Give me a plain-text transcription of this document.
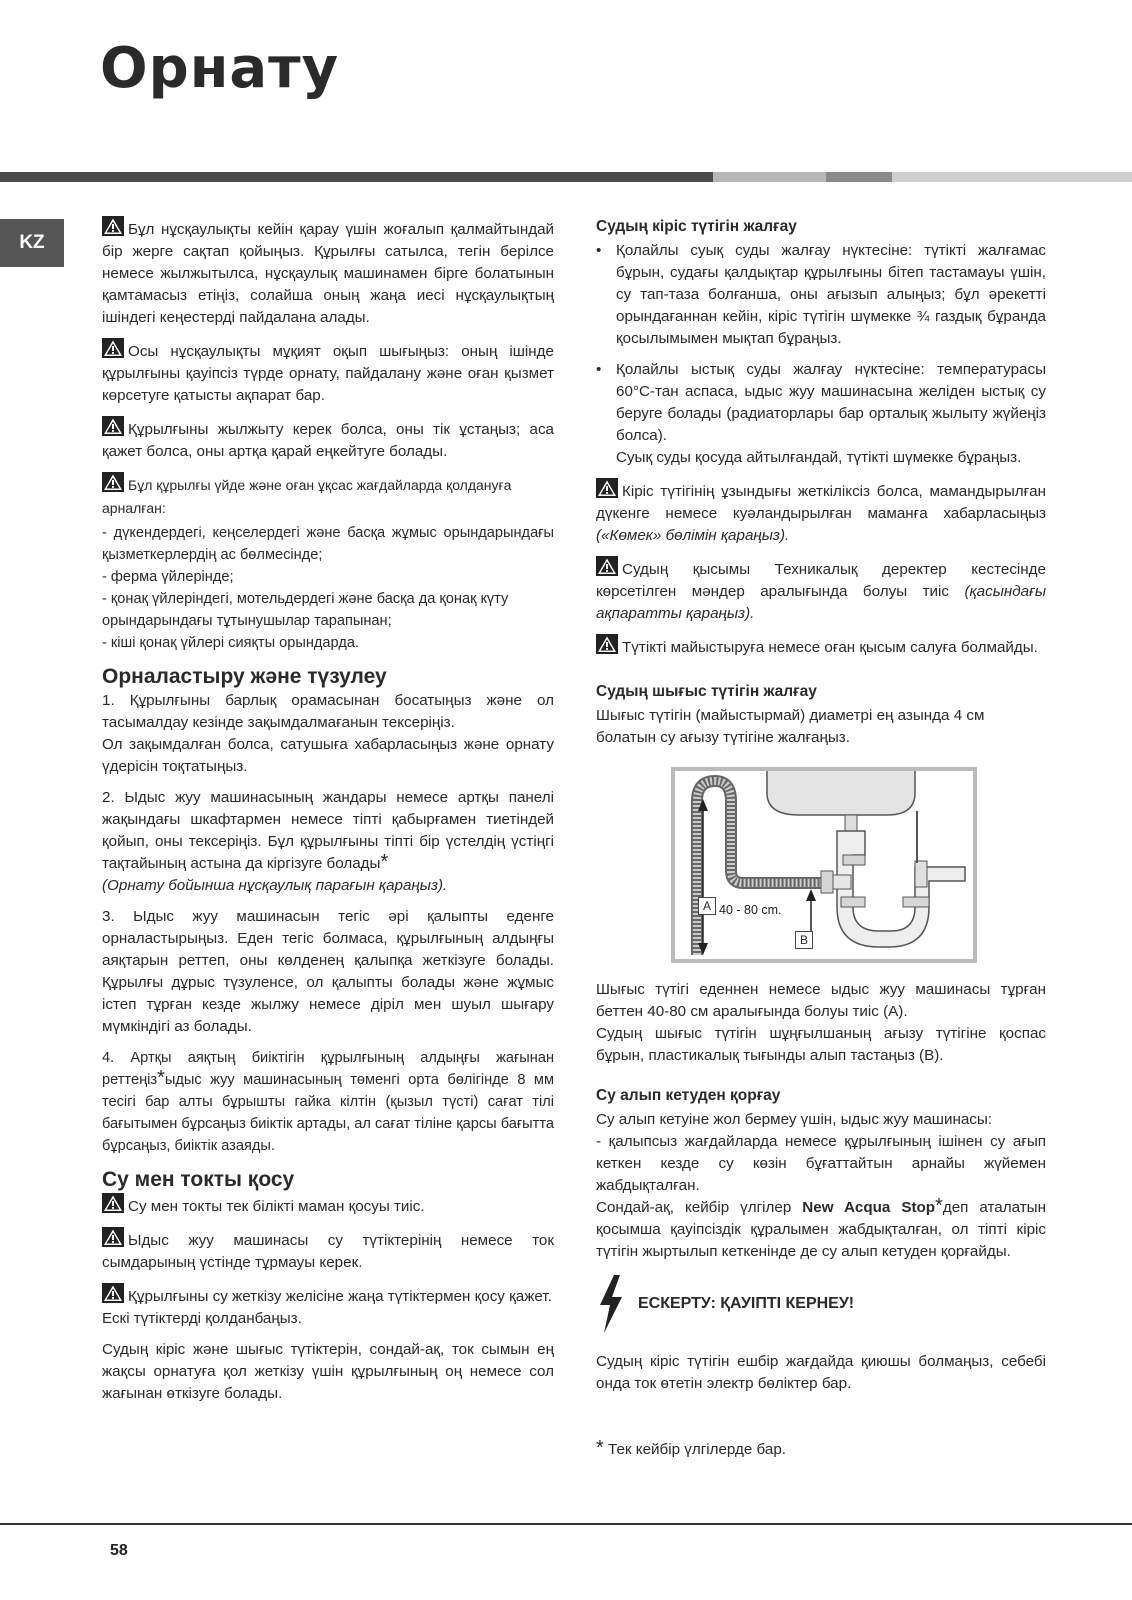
Орнату
KZ

Бұл нұсқаулықты кейін қарау үшін жоғалып қалмайтындай бір жерге сақтап қойыңыз. Құрылғы сатылса, тегін берілсе немесе жылжытылса, нұсқаулық машинамен бірге болатынын қамтамасыз етіңіз, солайша оның жаңа иесі нұсқаулықтың ішіндегі кеңестерді пайдалана алады.

Осы нұсқаулықты мұқият оқып шығыңыз: оның ішінде құрылғыны қауіпсіз түрде орнату, пайдалану және оған қызмет көрсетуге қатысты ақпарат бар.

Құрылғыны жылжыту керек болса, оны тік ұстаңыз; аса қажет болса, оны артқа қарай еңкейтуге болады.

Бұл құрылғы үйде және оған ұқсас жағдайларда қолдануға арналған:

- дүкендердегі, кеңселердегі және басқа жұмыс орындарындағы қызметкерлердің ас бөлмесінде;

- ферма үйлерінде;

- қонақ үйлеріндегі, мотельдердегі және басқа да қонақ күту орындарындағы тұтынушылар тарапынан;

- кіші қонақ үйлері сияқты орындарда.

Орналастыру және түзулеу

1. Құрылғыны барлық орамасынан босатыңыз және ол тасымалдау кезінде зақымдалмағанын тексеріңіз.

Ол зақымдалған болса, сатушыға хабарласыңыз және орнату үдерісін тоқтатыңыз.

2. Ыдыс жуу машинасының жандары немесе артқы панелі жақындағы шкафтармен немесе тіпті қабырғамен тиетіндей қойып, оны тексеріңіз. Бұл құрылғыны тіпті бір үстелдің үстіңгі тақтайының астына да кіргізуге болады*
(Орнату бойынша нұсқаулық парағын қараңыз).

3. Ыдыс жуу машинасын тегіс әрі қалыпты еденге орналастырыңыз. Еден тегіс болмаса, құрылғының алдыңғы аяқтарын реттеп, оны көлденең қалыпқа жеткізуге болады. Құрылғы дұрыс түзуленсе, ол қалыпты болады және жұмыс істеп тұрған кезде жылжу немесе діріл мен шуыл шығару мүмкіндігі аз болады.

4. Артқы аяқтың биіктігін құрылғының алдыңғы жағынан реттеңіз*ыдыс жуу машинасының төменгі орта бөлігінде 8 мм тесігі бар алты бұрышты гайка кілтін (қызыл түсті) сағат тілі бағытымен бұрсаңыз биіктік артады, ал сағат тіліне қарсы бағытта бұрсаңыз, биіктік азаяды.

Су мен токты қосу

Су мен токты тек білікті маман қосуы тиіс.

Ыдыс жуу машинасы су түтіктерінің немесе ток сымдарының үстінде тұрмауы керек.

Құрылғыны су жеткізу желісіне жаңа түтіктермен қосу қажет.
Ескі түтіктерді қолданбаңыз.

Судың кіріс және шығыс түтіктерін, сондай-ақ, ток сымын ең жақсы орнатуға қол жеткізу үшін құрылғының оң немесе сол жағынан өткізуге болады.

Судың кіріс түтігін жалғау
• Қолайлы суық суды жалғау нүктесіне: түтікті жалғамас бұрын, судағы қалдықтар құрылғыны бітеп тастамауы үшін, су тап-таза болғанша, оны ағызып алыңыз; бұл әрекетті орындағаннан кейін, кіріс түтігін шүмекке ¾ газдық бұранда қосылымымен мықтап бұраңыз.
• Қолайлы ыстық суды жалғау нүктесіне: температурасы 60°C-тан аспаса, ыдыс жуу машинасына желіден ыстық су беруге болады (радиаторлары бар орталық жылыту жүйеңіз болса).
Суық суды қосуда айтылғандай, түтікті шүмекке бұраңыз.

Кіріс түтігінің ұзындығы жеткіліксіз болса, мамандырылған дүкенге немесе куәландырылған маманға хабарласыңыз («Көмек» бөлімін қараңыз).

Судың қысымы Техникалық деректер кестесінде көрсетілген мәндер аралығында болуы тиіс (қасындағы ақпаратты қараңыз).

Түтікті майыстыруға немесе оған қысым салуға болмайды.

Судың шығыс түтігін жалғау

Шығыс түтігін (майыстырмай) диаметрі ең азында 4 см болатын су ағызу түтігіне жалғаңыз.

A 40 - 80 cm.
B

Шығыс түтігі еденнен немесе ыдыс жуу машинасы тұрған беттен 40-80 см аралығында болуы тиіс (A).

Судың шығыс түтігін шұңғылшаның ағызу түтігіне қоспас бұрын, пластикалық тығынды алып тастаңыз (B).

Су алып кетуден қорғау

Су алып кетуіне жол бермеу үшін, ыдыс жуу машинасы:

- қалыпсыз жағдайларда немесе құрылғының ішінен су ағып кеткен кезде су көзін бұғаттайтын арнайы жүйемен жабдықталған.

Сондай-ақ, кейбір үлгілер New Acqua Stop*деп аталатын қосымша қауіпсіздік құралымен жабдықталған, ол тіпті кіріс түтігін жыртылып кеткенінде де су алып кетуден қорғайды.

ЕСКЕРТУ: ҚАУІПТІ КЕРНЕУ!

Судың кіріс түтігін ешбір жағдайда қиюшы болмаңыз, себебі онда ток өтетін электр бөліктер бар.

* Тек кейбір үлгілерде бар.

58
